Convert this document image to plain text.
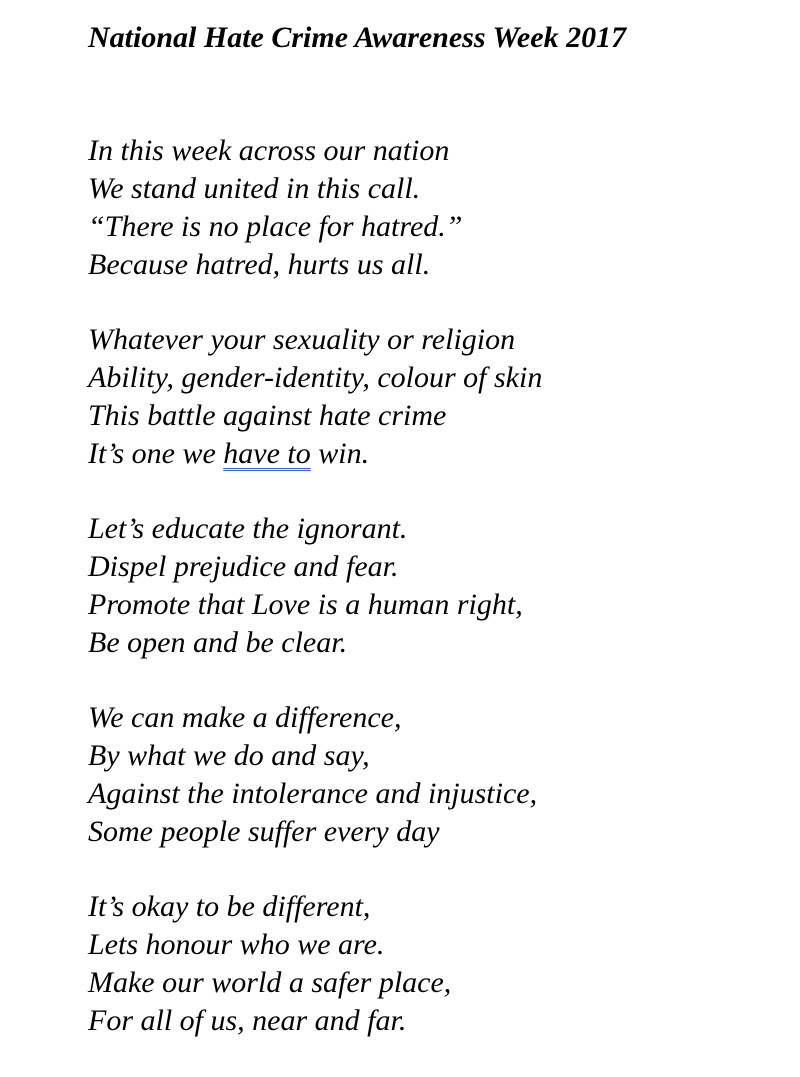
National Hate Crime Awareness Week 2017

In this week across our nation
We stand united in this call.
“There is no place for hatred.”
Because hatred, hurts us all.

Whatever your sexuality or religion
Ability, gender-identity, colour of skin
This battle against hate crime
It’s one we have to win.

Let’s educate the ignorant.
Dispel prejudice and fear.
Promote that Love is a human right,
Be open and be clear.

We can make a difference,
By what we do and say,
Against the intolerance and injustice,
Some people suffer every day

It’s okay to be different,
Lets honour who we are.
Make our world a safer place,
For all of us, near and far.
